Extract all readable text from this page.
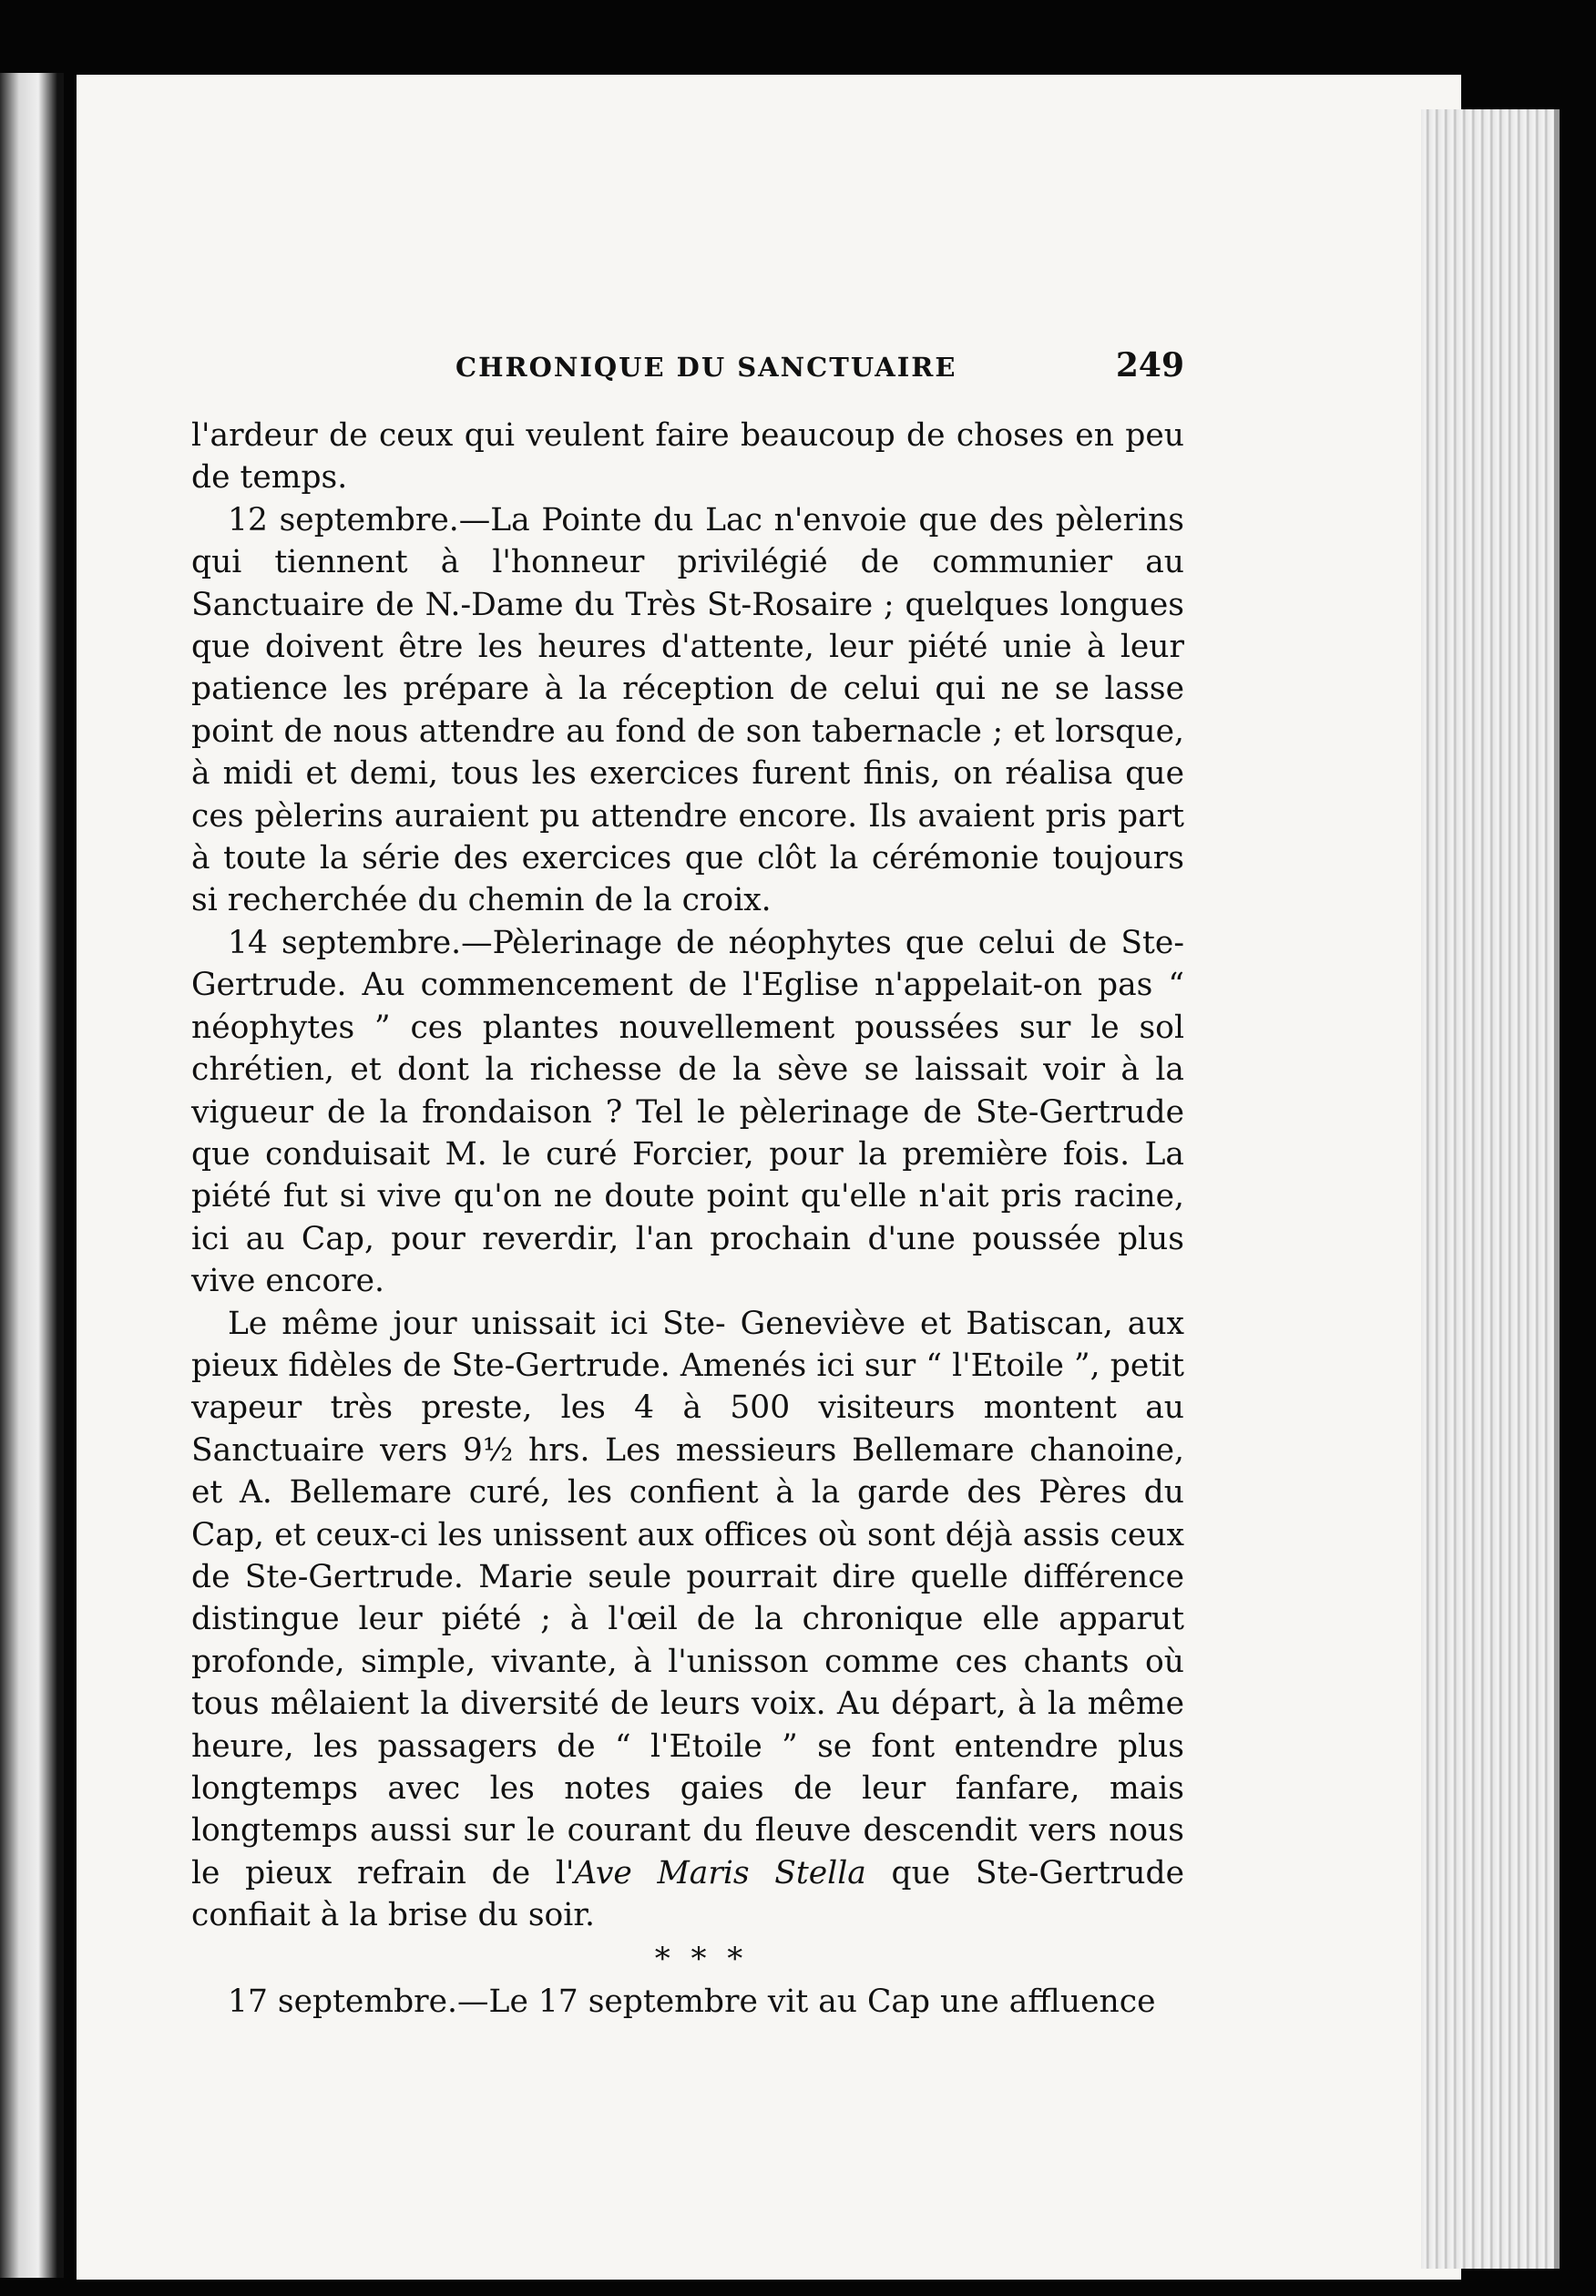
CHRONIQUE DU SANCTUAIRE	249

l'ardeur de ceux qui veulent faire beaucoup de choses en peu de temps.

12 septembre.—La Pointe du Lac n'envoie que des pèlerins qui tiennent à l'honneur privilégié de communier au Sanctuaire de N.-Dame du Très St-Rosaire ; quelques longues que doivent être les heures d'attente, leur piété unie à leur patience les prépare à la réception de celui qui ne se lasse point de nous attendre au fond de son tabernacle ; et lorsque, à midi et demi, tous les exercices furent finis, on réalisa que ces pèlerins auraient pu attendre encore. Ils avaient pris part à toute la série des exercices que clôt la cérémonie toujours si recherchée du chemin de la croix.

14 septembre.—Pèlerinage de néophytes que celui de Ste-Gertrude. Au commencement de l'Eglise n'appelait-on pas “ néophytes ” ces plantes nouvellement poussées sur le sol chrétien, et dont la richesse de la sève se laissait voir à la vigueur de la frondaison ? Tel le pèlerinage de Ste-Gertrude que conduisait M. le curé Forcier, pour la première fois. La piété fut si vive qu'on ne doute point qu'elle n'ait pris racine, ici au Cap, pour reverdir, l'an prochain d'une poussée plus vive encore.

Le même jour unissait ici Ste- Geneviève et Batiscan, aux pieux fidèles de Ste-Gertrude. Amenés ici sur “ l'Etoile ”, petit vapeur très preste, les 4 à 500 visiteurs montent au Sanctuaire vers 9½ hrs. Les messieurs Bellemare chanoine, et A. Bellemare curé, les confient à la garde des Pères du Cap, et ceux-ci les unissent aux offices où sont déjà assis ceux de Ste-Gertrude. Marie seule pourrait dire quelle différence distingue leur piété ; à l'œil de la chronique elle apparut profonde, simple, vivante, à l'unisson comme ces chants où tous mêlaient la diversité de leurs voix. Au départ, à la même heure, les passagers de “ l'Etoile ” se font entendre plus longtemps avec les notes gaies de leur fanfare, mais longtemps aussi sur le courant du fleuve descendit vers nous le pieux refrain de l'Ave Maris Stella que Ste-Gertrude confiait à la brise du soir.

* * *

17 septembre.—Le 17 septembre vit au Cap une affluence
